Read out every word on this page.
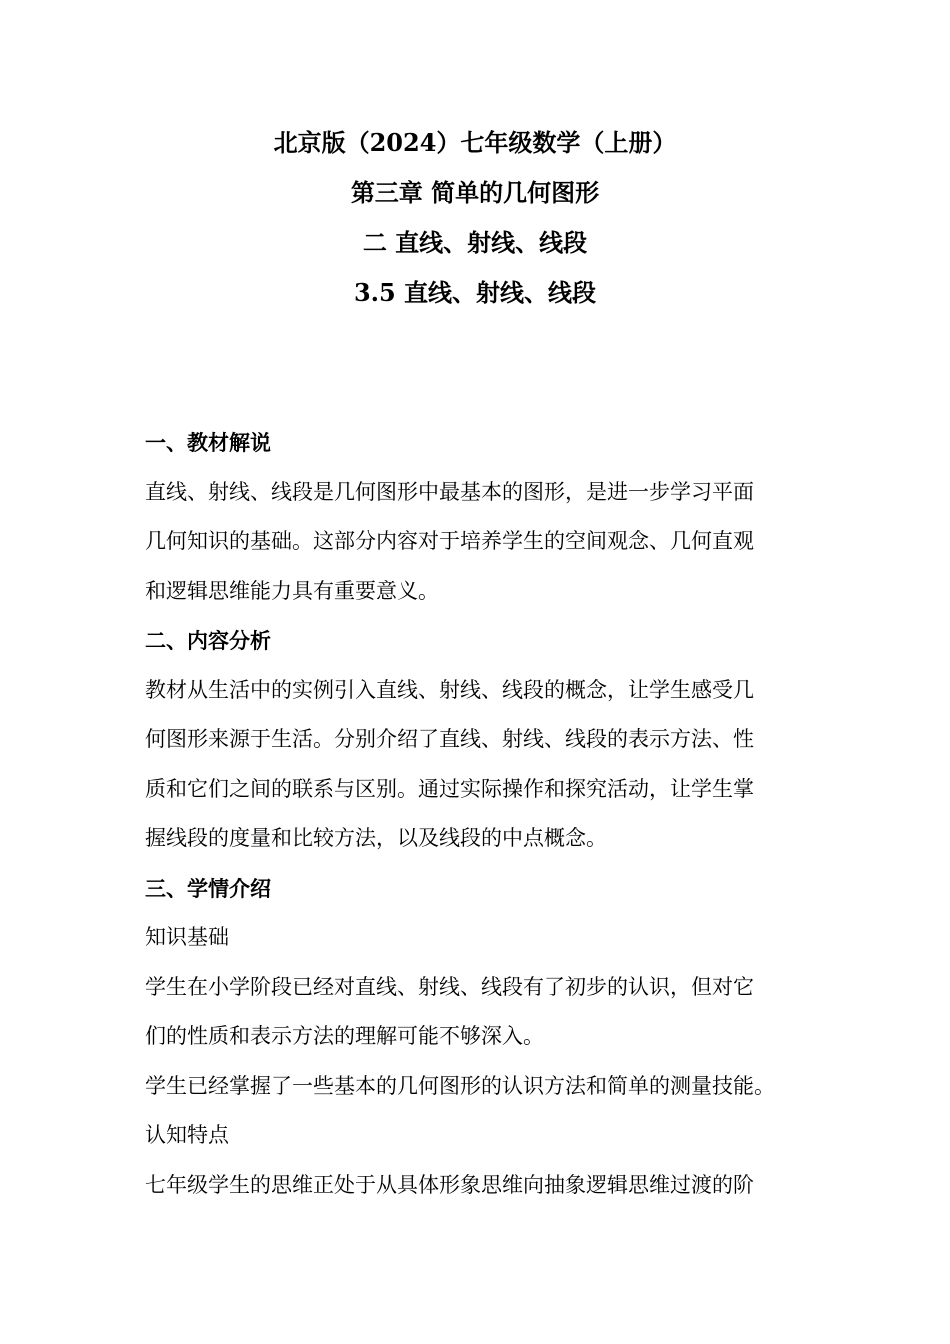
北京版（2024）七年级数学（上册）
第三章 简单的几何图形
二 直线、射线、线段
3.5 直线、射线、线段
一、教材解说
直线、射线、线段是几何图形中最基本的图形，是进一步学习平面
几何知识的基础。这部分内容对于培养学生的空间观念、几何直观
和逻辑思维能力具有重要意义。
二、内容分析
教材从生活中的实例引入直线、射线、线段的概念，让学生感受几
何图形来源于生活。分别介绍了直线、射线、线段的表示方法、性
质和它们之间的联系与区别。通过实际操作和探究活动，让学生掌
握线段的度量和比较方法，以及线段的中点概念。
三、学情介绍
知识基础
学生在小学阶段已经对直线、射线、线段有了初步的认识，但对它
们的性质和表示方法的理解可能不够深入。
学生已经掌握了一些基本的几何图形的认识方法和简单的测量技能。
认知特点
七年级学生的思维正处于从具体形象思维向抽象逻辑思维过渡的阶
